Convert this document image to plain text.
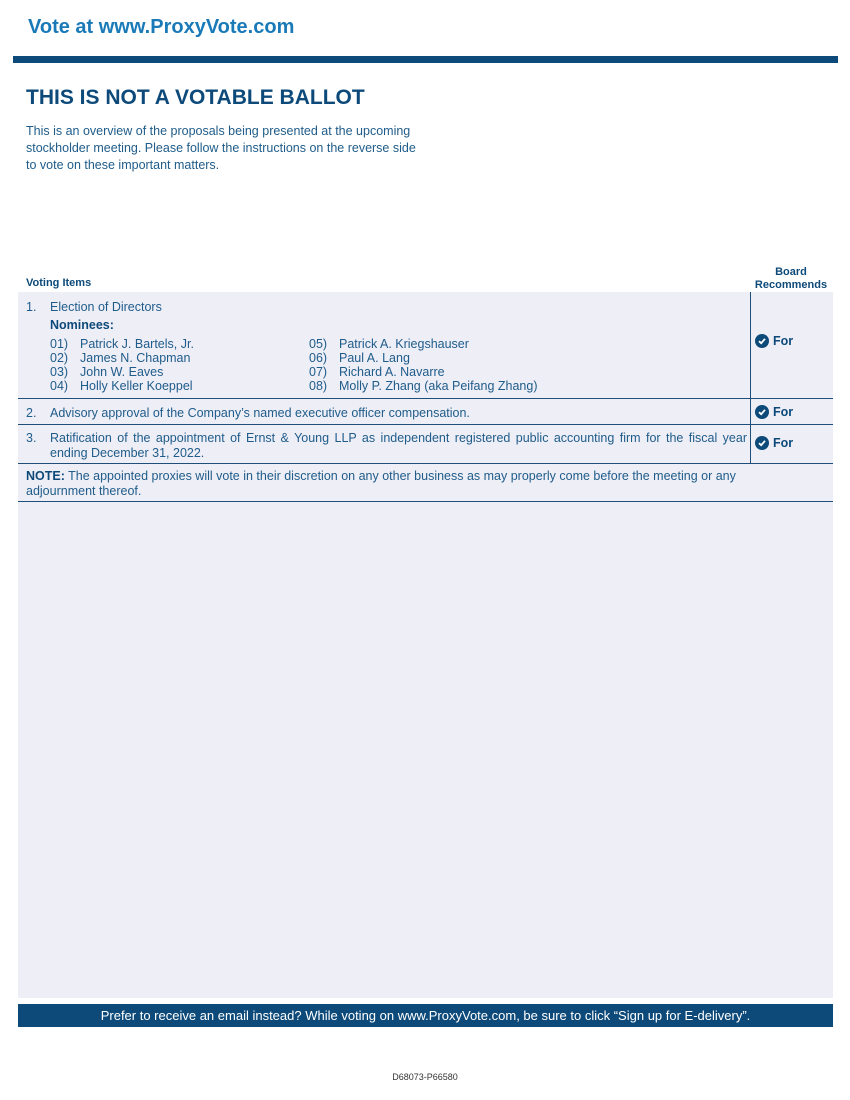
Vote at www.ProxyVote.com
THIS IS NOT A VOTABLE BALLOT
This is an overview of the proposals being presented at the upcoming stockholder meeting. Please follow the instructions on the reverse side to vote on these important matters.
Voting Items
Board
Recommends
1. Election of Directors
Nominees:
01) Patrick J. Bartels, Jr.
02) James N. Chapman
03) John W. Eaves
04) Holly Keller Koeppel
05) Patrick A. Kriegshauser
06) Paul A. Lang
07) Richard A. Navarre
08) Molly P. Zhang (aka Peifang Zhang)
For
2. Advisory approval of the Company’s named executive officer compensation.	For
3. Ratification of the appointment of Ernst & Young LLP as independent registered public accounting firm for the fiscal year ending December 31, 2022.
For
NOTE: The appointed proxies will vote in their discretion on any other business as may properly come before the meeting or any adjournment thereof.
Prefer to receive an email instead? While voting on www.ProxyVote.com, be sure to click “Sign up for E-delivery”.
D68073-P66580
